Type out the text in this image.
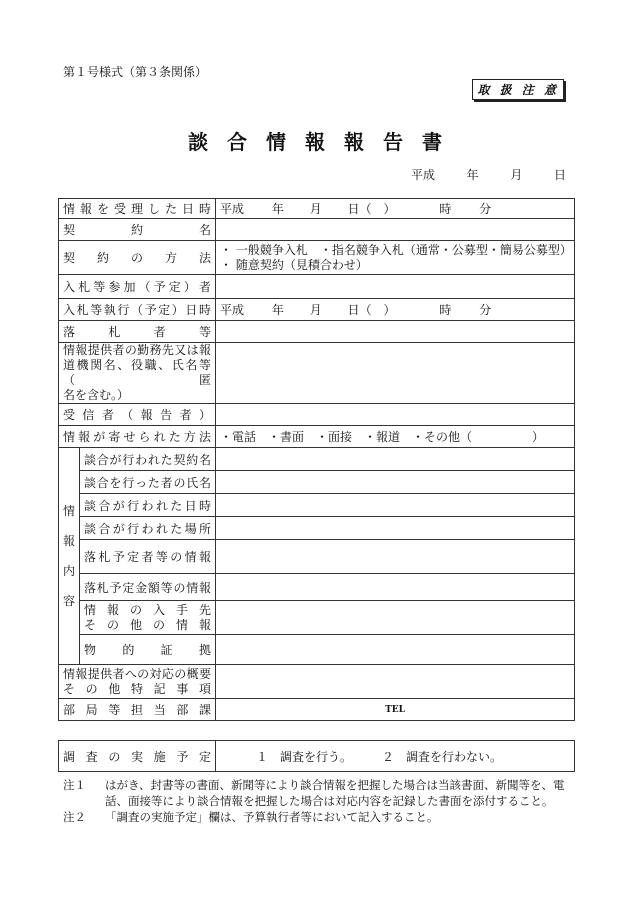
第１号様式（第３条関係）
取 扱 注 意
談合情報報告書
平成	年	月	日
情報を受理した日時		平成 年 月 日（　） 時 分

契約名		
契約の方法		・ 一般競争入札　・指名競争入札（通常・公募型・簡易公募型）
・ 随意契約（見積合わせ）

入札等参加（予定）者		
入札等執行（予定）日時		平成 年 月 日（　） 時 分

落札者等		

情報提供者の勤務先又は報
道機関名、役職、氏名等（匿
名を含む。）		
受信者（報告者）		
情報が寄せられた方法		・電話　・書面　・面接　・報道　・その他（　　　　　）

情
報
内
容	談合が行われた契約名	
	談合を行った者の氏名	
	談合が行われた日時	
	談合が行われた場所	
	落札予定者等の情報	
	落札予定金額等の情報	

	情報の入手先
その他の情報	

	物的証拠	

情報提供者への対応の概要
その他特記事項		

部局等担当部課		TEL
調査の実施予定	１　調査を行う。　　　２　調査を行わない。
注１	はがき、封書等の書面、新聞等により談合情報を把握した場合は当該書面、新聞等を、電話、面接等により談合情報を把握した場合は対応内容を記録した書面を添付すること。
注２	「調査の実施予定」欄は、予算執行者等において記入すること。
